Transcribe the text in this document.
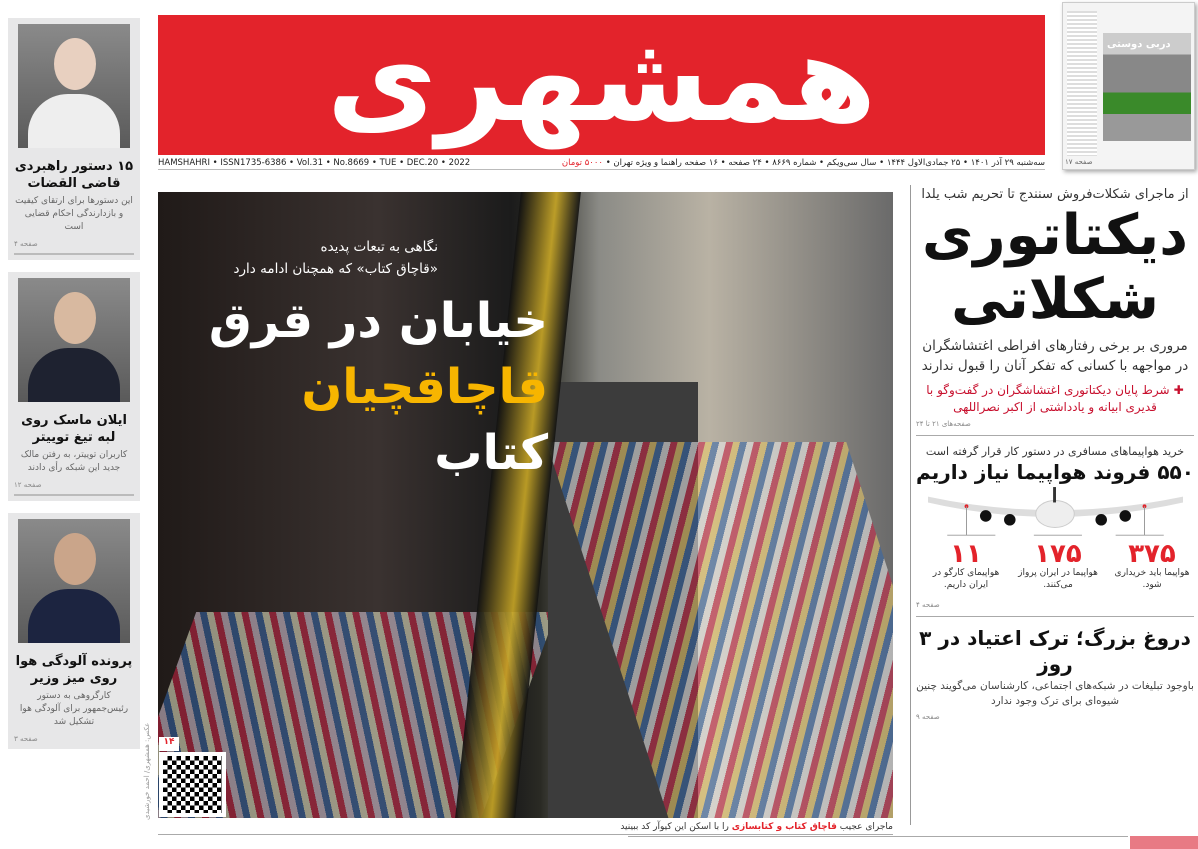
۱۵ دستور راهبردی قاضی القضات

این دستورها برای ارتقای کیفیت و بازدارندگی احکام قضایی است

صفحه ۴
ایلان ماسک روی لبه تیغ توییتر

کاربران توییتر، به رفتن مالک جدید این شبکه رأی دادند

صفحه ۱۲
پرونده آلودگی هوا روی میز وزیر

کارگروهی به دستور رئیس‌جمهور برای آلودگی هوا تشکیل شد

صفحه ۳
همشهری
HAMSHAHRI • ISSN1735-6386 • Vol.31 • No.8669 • TUE • DEC.20 • 2022	سه‌شنبه ۲۹ آذر ۱۴۰۱ • ۲۵ جمادی‌الاول ۱۴۴۴ • سال سی‌ویکم • شماره ۸۶۶۹ • ۲۴ صفحه • ۱۶ صفحه راهنما و ویژه تهران • ۵۰۰۰ تومان
دربی دوستی
صفحه ۱۷
نگاهی به تبعات پدیده
«قاچاق کتاب» که همچنان ادامه دارد
خیابان در قرق
قاچاقچیان
کتاب
عکس: همشهری/ احمد خورشیدی	۱۴
ماجرای عجیب قاچاق کتاب و کتابسازی را با اسکن این کیوآر کد ببینید
از ماجرای شکلات‌فروش سنندج تا تحریم شب یلدا
دیکتاتوری
شکلاتی
مروری بر برخی رفتارهای افراطی اغتشاشگران در مواجهه با کسانی که تفکر آنان را قبول ندارند
✚ شرط پایان دیکتاتوری اغتشاشگران در گفت‌وگو با قدیری ابیانه و یادداشتی از اکبر نصراللهی
صفحه‌های ۲۱ تا ۲۴
خرید هواپیماهای مسافری در دستور کار قرار گرفته است
۵۵۰ فروند هواپیما نیاز داریم
۳۷۵
هواپیما باید خریداری شود.
۱۷۵
هواپیما در ایران پرواز می‌کنند.
۱۱
هواپیمای کارگو در ایران داریم.
صفحه ۴
دروغ بزرگ؛ ترک اعتیاد در ۳ روز
باوجود تبلیغات در شبکه‌های اجتماعی، کارشناسان می‌گویند چنین شیوه‌ای برای ترک وجود ندارد
صفحه ۹
